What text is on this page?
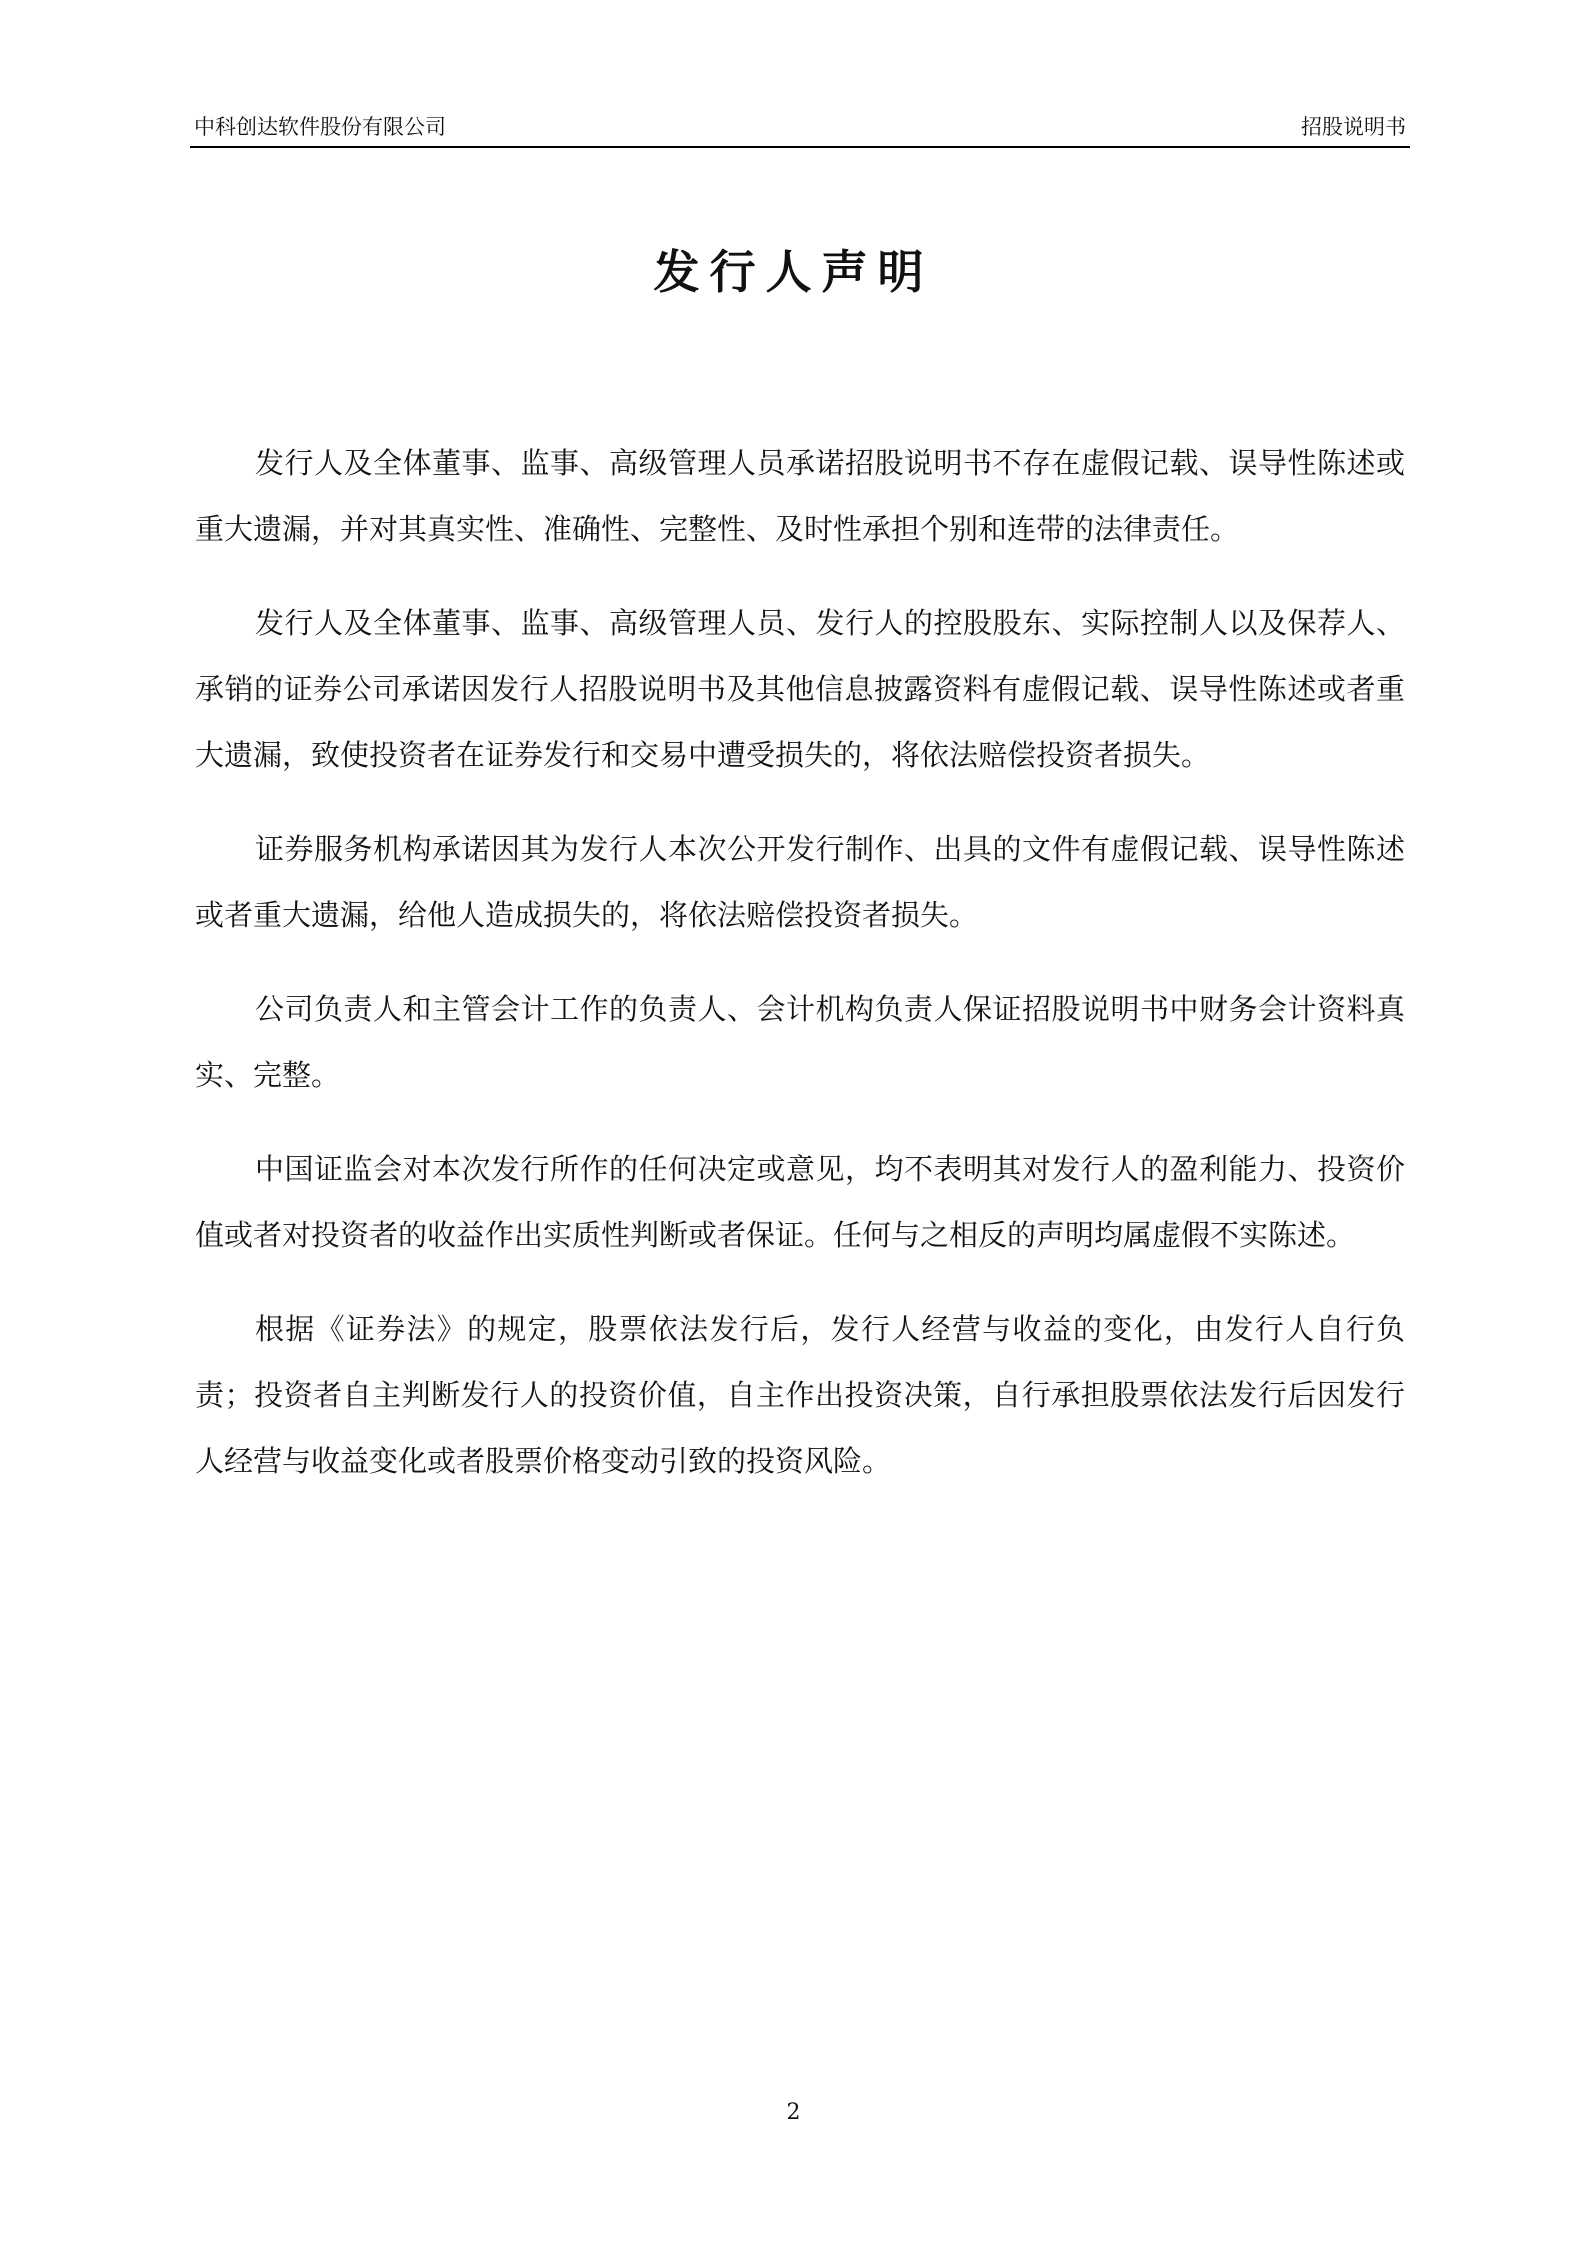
中科创达软件股份有限公司	招股说明书
发行人声明

发行人及全体董事、监事、高级管理人员承诺招股说明书不存在虚假记载、误导性陈述或重大遗漏，并对其真实性、准确性、完整性、及时性承担个别和连带的法律责任。

发行人及全体董事、监事、高级管理人员、发行人的控股股东、实际控制人以及保荐人、承销的证券公司承诺因发行人招股说明书及其他信息披露资料有虚假记载、误导性陈述或者重大遗漏，致使投资者在证券发行和交易中遭受损失的，将依法赔偿投资者损失。

证券服务机构承诺因其为发行人本次公开发行制作、出具的文件有虚假记载、误导性陈述或者重大遗漏，给他人造成损失的，将依法赔偿投资者损失。

公司负责人和主管会计工作的负责人、会计机构负责人保证招股说明书中财务会计资料真实、完整。

中国证监会对本次发行所作的任何决定或意见，均不表明其对发行人的盈利能力、投资价值或者对投资者的收益作出实质性判断或者保证。任何与之相反的声明均属虚假不实陈述。

根据《证券法》的规定，股票依法发行后，发行人经营与收益的变化，由发行人自行负责；投资者自主判断发行人的投资价值，自主作出投资决策，自行承担股票依法发行后因发行人经营与收益变化或者股票价格变动引致的投资风险。

2
